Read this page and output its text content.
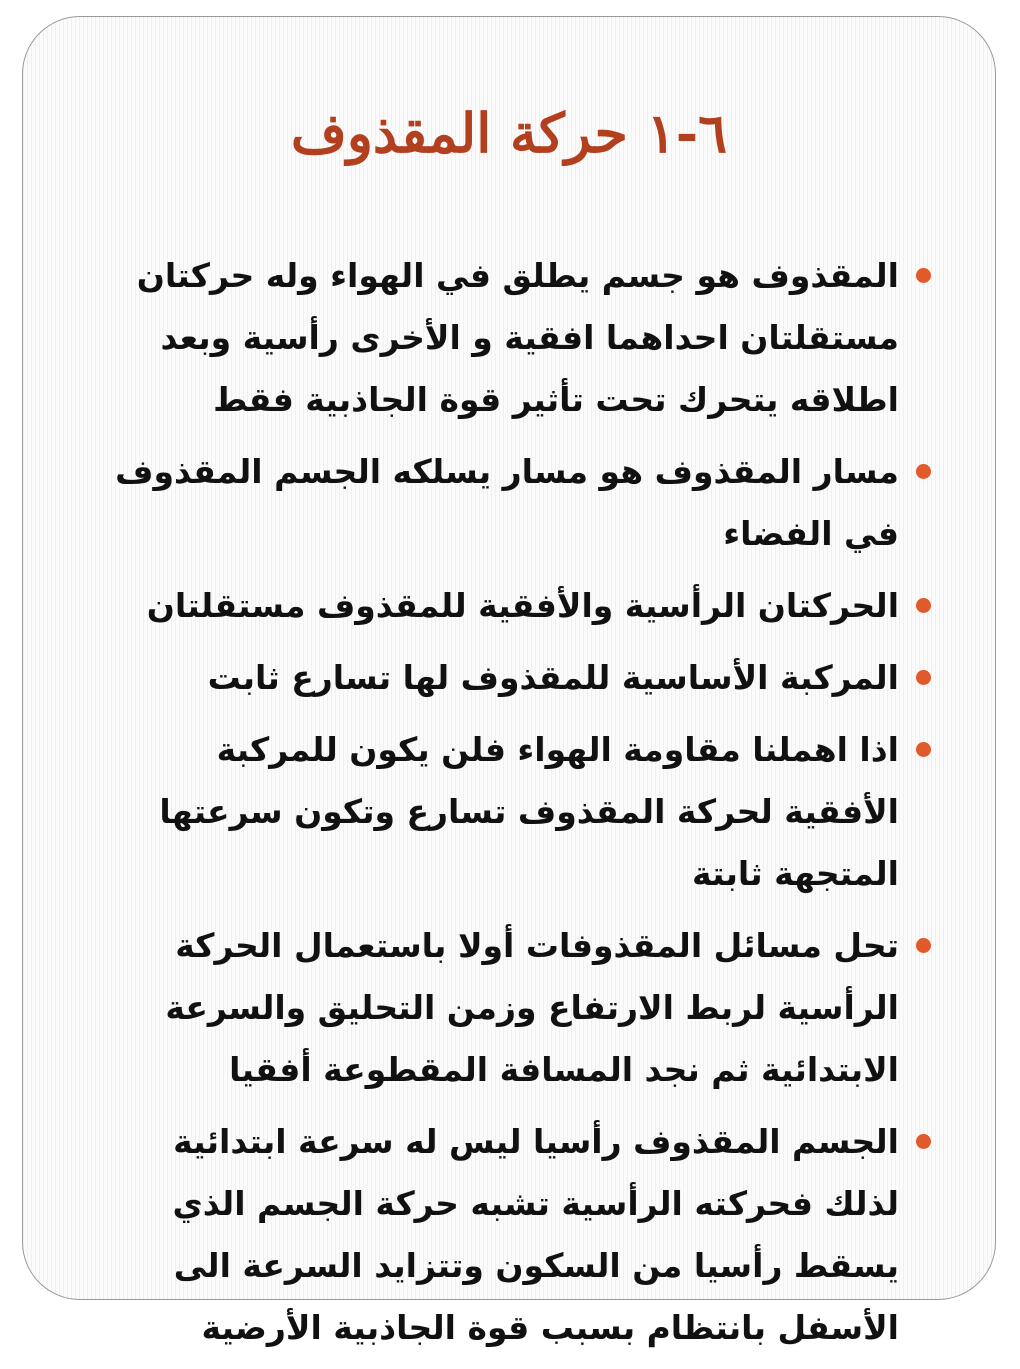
٦-١ حركة المقذوف
المقذوف هو جسم يطلق في الهواء وله حركتان مستقلتان احداهما افقية و الأخرى رأسية وبعد اطلاقه يتحرك تحت تأثير قوة الجاذبية فقط
مسار المقذوف هو مسار يسلكه الجسم المقذوف في الفضاء
الحركتان الرأسية والأفقية للمقذوف مستقلتان
المركبة الأساسية للمقذوف لها تسارع ثابت
اذا اهملنا مقاومة الهواء فلن يكون للمركبة الأفقية لحركة المقذوف تسارع وتكون سرعتها المتجهة ثابتة
تحل مسائل المقذوفات أولا باستعمال الحركة الرأسية لربط الارتفاع وزمن التحليق والسرعة الابتدائية ثم نجد المسافة المقطوعة أفقيا
الجسم المقذوف رأسيا ليس له سرعة ابتدائية لذلك فحركته الرأسية تشبه حركة الجسم الذي يسقط رأسيا من السكون وتتزايد السرعة الى الأسفل بانتظام بسبب قوة الجاذبية الأرضية
